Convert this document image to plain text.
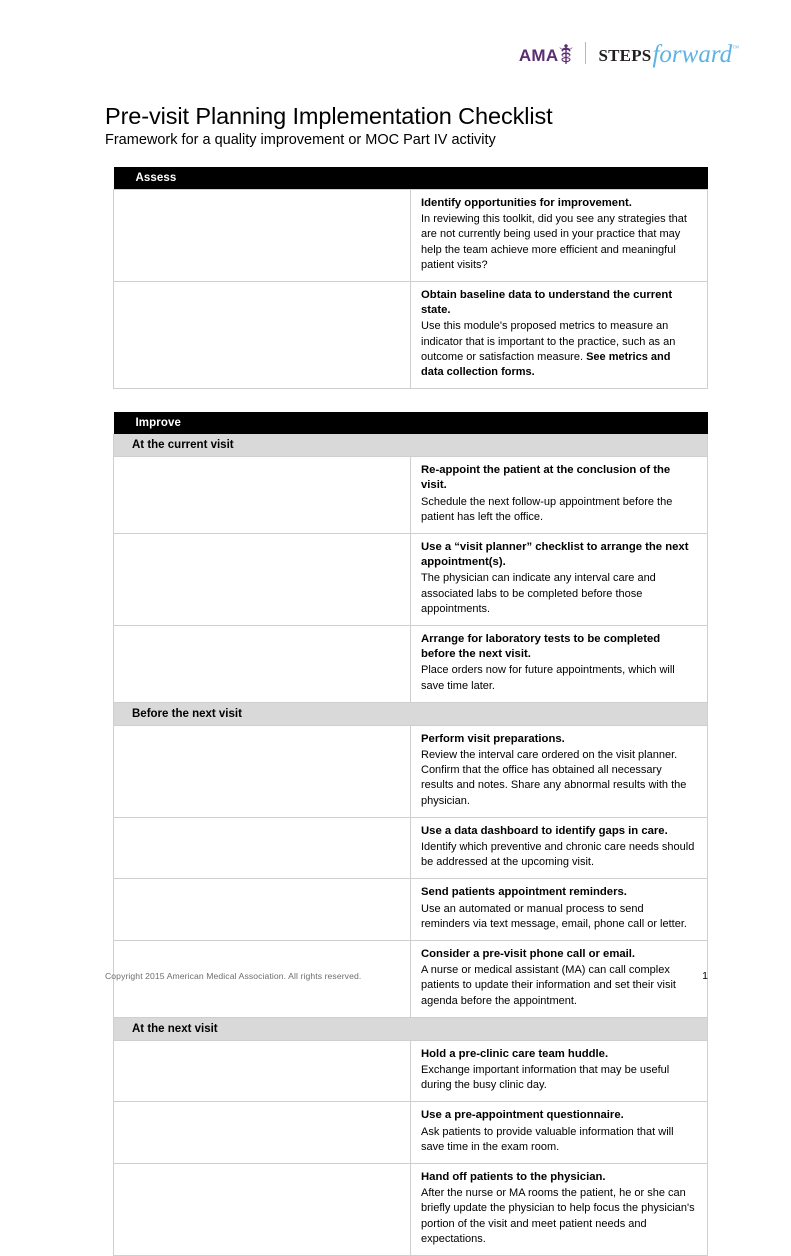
AMA STEPS forward ™
Pre-visit Planning Implementation Checklist

Framework for a quality improvement or MOC Part IV activity

Assess	

	Identify opportunities for improvement.
In reviewing this toolkit, did you see any strategies that are not currently being used in your practice that may help the team achieve more efficient and meaningful patient visits?

	Obtain baseline data to understand the current state.
Use this module's proposed metrics to measure an indicator that is important to the practice, such as an outcome or satisfaction measure. See metrics and data collection forms.
Improve	
At the current visit	

	Re-appoint the patient at the conclusion of the visit.
Schedule the next follow-up appointment before the patient has left the office.

	Use a “visit planner” checklist to arrange the next appointment(s).
The physician can indicate any interval care and associated labs to be completed before those appointments.

	Arrange for laboratory tests to be completed before the next visit.
Place orders now for future appointments, which will save time later.

Before the next visit	

	Perform visit preparations.
Review the interval care ordered on the visit planner. Confirm that the office has obtained all necessary results and notes. Share any abnormal results with the physician.

	Use a data dashboard to identify gaps in care.
Identify which preventive and chronic care needs should be addressed at the upcoming visit.

	Send patients appointment reminders.
Use an automated or manual process to send reminders via text message, email, phone call or letter.

	Consider a pre-visit phone call or email.
A nurse or medical assistant (MA) can call complex patients to update their information and set their visit agenda before the appointment.

At the next visit	

	Hold a pre-clinic care team huddle.
Exchange important information that may be useful during the busy clinic day.

	Use a pre-appointment questionnaire.
Ask patients to provide valuable information that will save time in the exam room.

	Hand off patients to the physician.
After the nurse or MA rooms the patient, he or she can briefly update the physician to help focus the physician's portion of the visit and meet patient needs and expectations.
Copyright 2015 American Medical Association. All rights reserved.	1
